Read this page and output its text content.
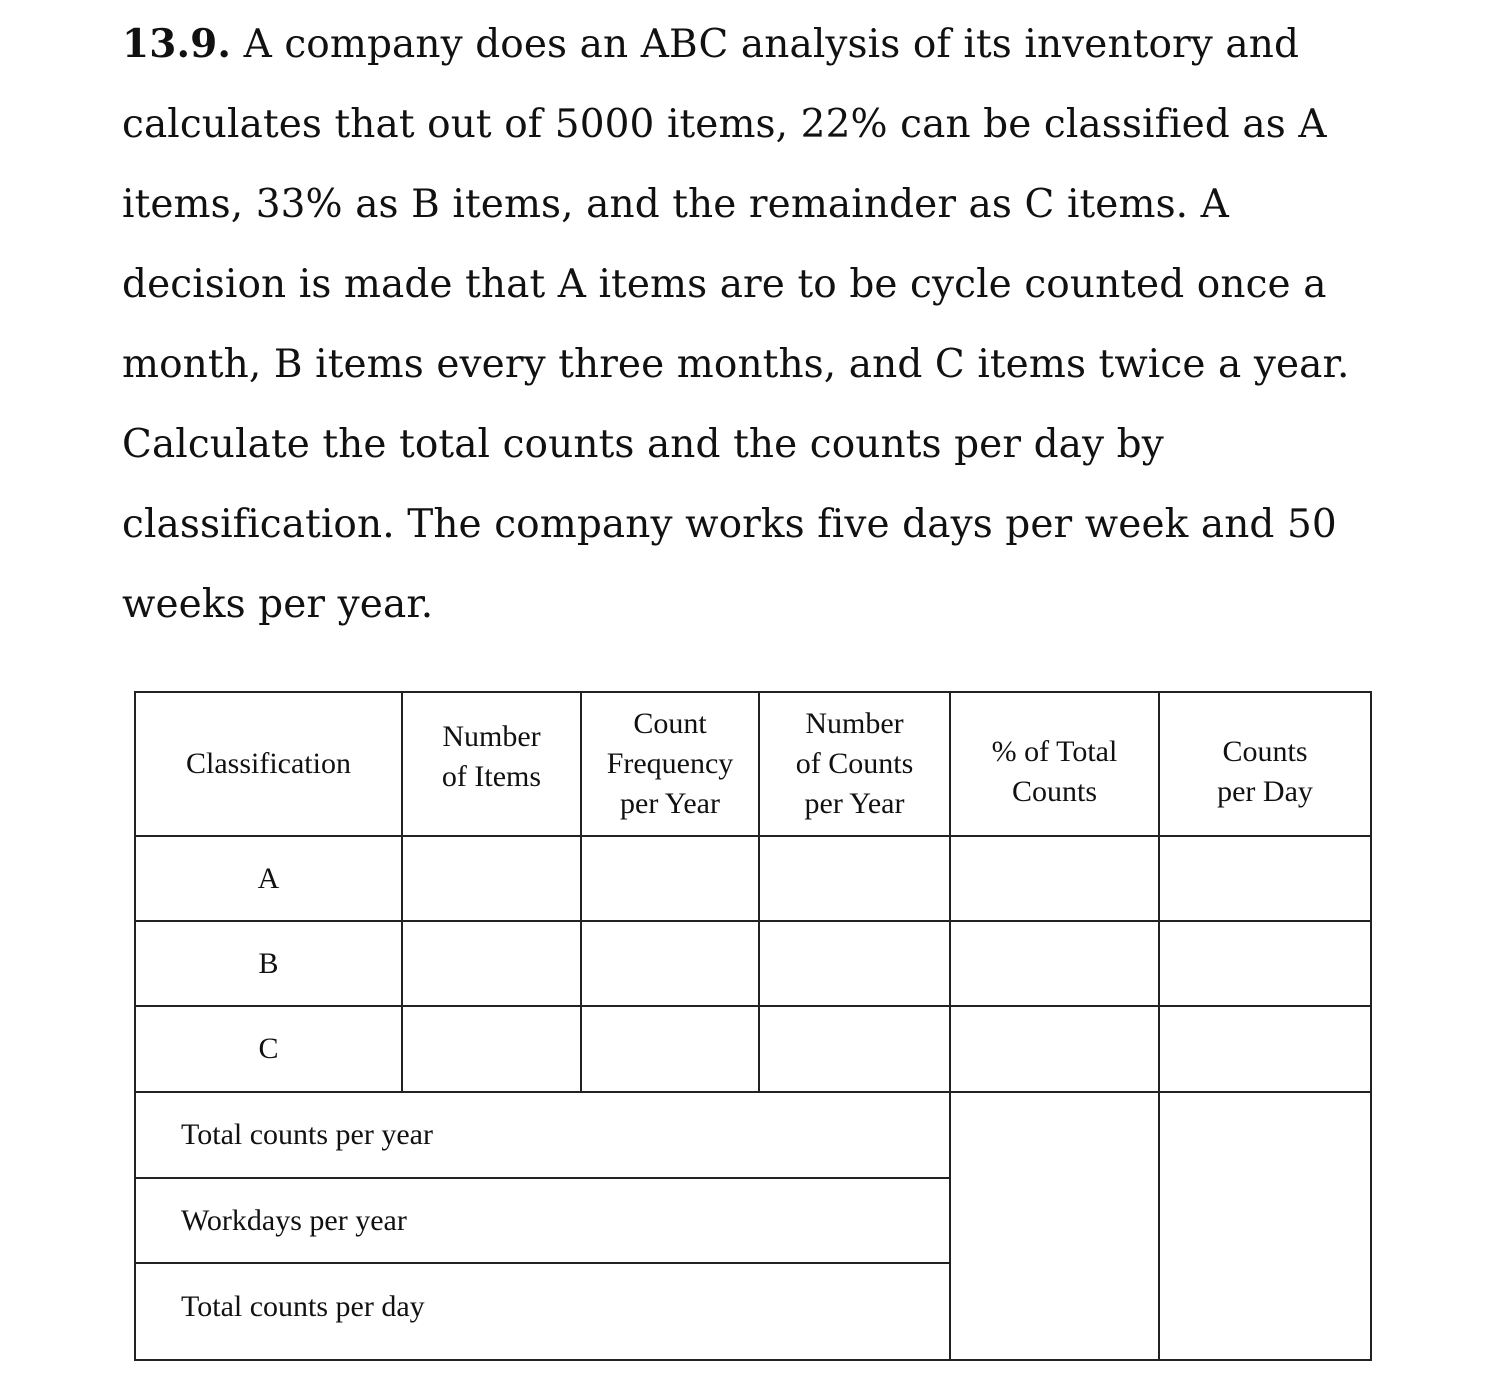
13.9. A company does an ABC analysis of its inventory and
calculates that out of 5000 items, 22% can be classified as A
items, 33% as B items, and the remainder as C items. A
decision is made that A items are to be cycle counted once a
month, B items every three months, and C items twice a year.
Calculate the total counts and the counts per day by
classification. The company works five days per week and 50
weeks per year.
Classification
Number
of Items
Count
Frequency
per Year
Number
of Counts
per Year
% of Total
Counts
Counts
per Day
A
B
C
Total counts per year
Workdays per year
Total counts per day
